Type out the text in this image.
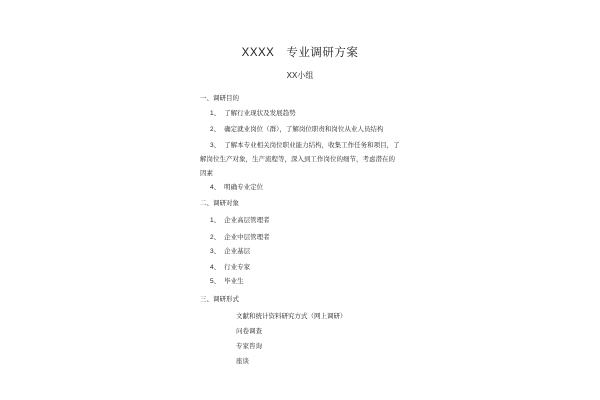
XXXX 专业调研方案
XX小组
一、调研目的
1、 了解行业现状及发展趋势
2、 确定就业岗位（群），了解岗位职责和岗位从业人员结构
3、 了解本专业相关岗位职业能力结构，收集工作任务和项目，了
解岗位生产对象，生产流程等，深入到工作岗位的细节，考虑潜在的
因素
4、 明确专业定位
二、调研对象
1、 企业高层管理者
2、 企业中层管理者
3、 企业基层
4、 行业专家
5、 毕业生
三、调研形式
文献和统计资料研究方式（网上调研）
问卷调查
专家咨询
座谈
